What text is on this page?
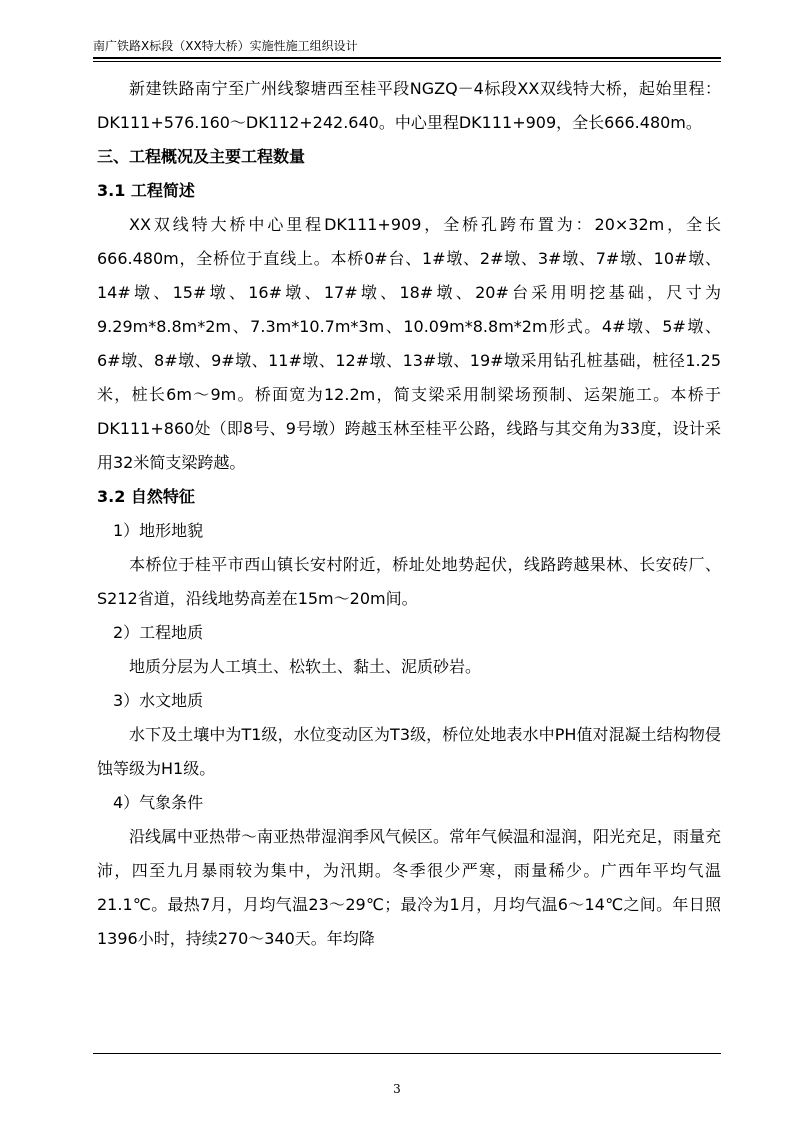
南广铁路Ⅹ标段（XX特大桥）实施性施工组织设计

新建铁路南宁至广州线黎塘西至桂平段NGZQ－4标段XX双线特大桥，起始里程：DK111+576.160～DK112+242.640。中心里程DK111+909，全长666.480m。

三、工程概况及主要工程数量

3.1 工程简述

XX双线特大桥中心里程DK111+909，全桥孔跨布置为：20×32m，全长666.480m，全桥位于直线上。本桥0#台、1#墩、2#墩、3#墩、7#墩、10#墩、14#墩、15#墩、16#墩、17#墩、18#墩、20#台采用明挖基础，尺寸为9.29m*8.8m*2m、7.3m*10.7m*3m、10.09m*8.8m*2m形式。4#墩、5#墩、6#墩、8#墩、9#墩、11#墩、12#墩、13#墩、19#墩采用钻孔桩基础，桩径1.25米，桩长6m～9m。桥面宽为12.2m，简支梁采用制梁场预制、运架施工。本桥于DK111+860处（即8号、9号墩）跨越玉林至桂平公路，线路与其交角为33度，设计采用32米简支梁跨越。

3.2 自然特征

1）地形地貌

本桥位于桂平市西山镇长安村附近，桥址处地势起伏，线路跨越果林、长安砖厂、S212省道，沿线地势高差在15m～20m间。

2）工程地质

地质分层为人工填土、松软土、黏土、泥质砂岩。

3）水文地质

水下及土壤中为T1级，水位变动区为T3级，桥位处地表水中PH值对混凝土结构物侵蚀等级为H1级。

4）气象条件

沿线属中亚热带～南亚热带湿润季风气候区。常年气候温和湿润，阳光充足，雨量充沛，四至九月暴雨较为集中，为汛期。冬季很少严寒，雨量稀少。广西年平均气温21.1℃。最热7月，月均气温23～29℃；最冷为1月，月均气温6～14℃之间。年日照1396小时，持续270～340天。年均降

3
